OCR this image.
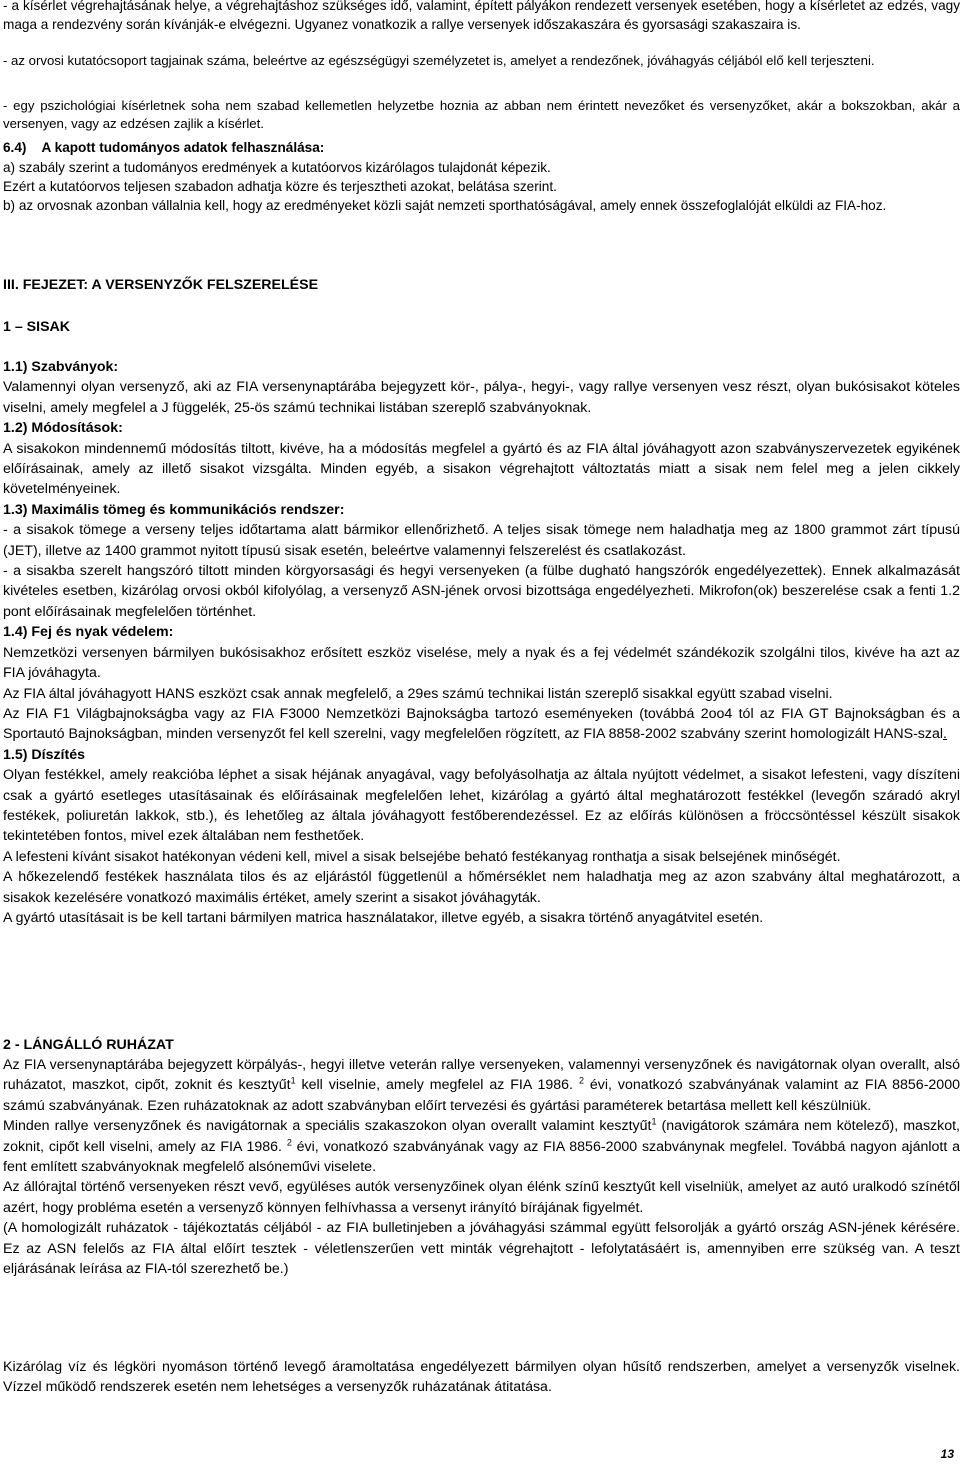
- a kísérlet végrehajtásának helye, a végrehajtáshoz szükséges idő, valamint, épített pályákon rendezett versenyek esetében, hogy a kísérletet az edzés, vagy maga a rendezvény során kívánják-e elvégezni. Ugyanez vonatkozik a rallye versenyek időszakaszára és gyorsasági szakaszaira is.
- az orvosi kutatócsoport tagjainak száma, beleértve az egészségügyi személyzetet is, amelyet a rendezőnek, jóváhagyás céljából elő kell terjeszteni.
- egy pszichológiai kísérletnek soha nem szabad kellemetlen helyzetbe hoznia az abban nem érintett nevezőket és versenyzőket, akár a bokszokban, akár a versenyen, vagy az edzésen zajlik a kísérlet.
6.4) A kapott tudományos adatok felhasználása:
a) szabály szerint a tudományos eredmények a kutatóorvos kizárólagos tulajdonát képezik.
Ezért a kutatóorvos teljesen szabadon adhatja közre és terjesztheti azokat, belátása szerint.
b) az orvosnak azonban vállalnia kell, hogy az eredményeket közli saját nemzeti sporthatóságával, amely ennek összefoglalóját elküldi az FIA-hoz.
III. FEJEZET: A VERSENYZŐK FELSZERELÉSE
1 – SISAK

1.1) Szabványok:

Valamennyi olyan versenyző, aki az FIA versenynaptárába bejegyzett kör-, pálya-, hegyi-, vagy rallye versenyen vesz részt, olyan bukósisakot köteles viselni, amely megfelel a J függelék, 25-ös számú technikai listában szereplő szabványoknak.

1.2) Módosítások:

A sisakokon mindennemű módosítás tiltott, kivéve, ha a módosítás megfelel a gyártó és az FIA által jóváhagyott azon szabványszervezetek egyikének előírásainak, amely az illető sisakot vizsgálta. Minden egyéb, a sisakon végrehajtott változtatás miatt a sisak nem felel meg a jelen cikkely követelményeinek.

1.3) Maximális tömeg és kommunikációs rendszer:

- a sisakok tömege a verseny teljes időtartama alatt bármikor ellenőrizhető. A teljes sisak tömege nem haladhatja meg az 1800 grammot zárt típusú (JET), illetve az 1400 grammot nyitott típusú sisak esetén, beleértve valamennyi felszerelést és csatlakozást.

- a sisakba szerelt hangszóró tiltott minden körgyorsasági és hegyi versenyeken (a fülbe dugható hangszórók engedélyezettek). Ennek alkalmazását kivételes esetben, kizárólag orvosi okból kifolyólag, a versenyző ASN-jének orvosi bizottsága engedélyezheti. Mikrofon(ok) beszerelése csak a fenti 1.2 pont előírásainak megfelelően történhet.

1.4) Fej és nyak védelem:

Nemzetközi versenyen bármilyen bukósisakhoz erősített eszköz viselése, mely a nyak és a fej védelmét szándékozik szolgálni tilos, kivéve ha azt az FIA jóváhagyta.

Az FIA által jóváhagyott HANS eszközt csak annak megfelelő, a 29es számú technikai listán szereplő sisakkal együtt szabad viselni.

Az FIA F1 Világbajnokságba vagy az FIA F3000 Nemzetközi Bajnokságba tartozó eseményeken (továbbá 2oo4 tól az FIA GT Bajnokságban és a Sportautó Bajnokságban, minden versenyzőt fel kell szerelni, vagy megfelelően rögzített, az FIA 8858-2002 szabvány szerint homologizált HANS-szal.

1.5) Díszítés

Olyan festékkel, amely reakcióba léphet a sisak héjának anyagával, vagy befolyásolhatja az általa nyújtott védelmet, a sisakot lefesteni, vagy díszíteni csak a gyártó esetleges utasításainak és előírásainak megfelelően lehet, kizárólag a gyártó által meghatározott festékkel (levegőn száradó akryl festékek, poliuretán lakkok, stb.), és lehetőleg az általa jóváhagyott festőberendezéssel. Ez az előírás különösen a fröccsöntéssel készült sisakok tekintetében fontos, mivel ezek általában nem festhetőek.

A lefesteni kívánt sisakot hatékonyan védeni kell, mivel a sisak belsejébe beható festékanyag ronthatja a sisak belsejének minőségét.

A hőkezelendő festékek használata tilos és az eljárástól függetlenül a hőmérséklet nem haladhatja meg az azon szabvány által meghatározott, a sisakok kezelésére vonatkozó maximális értéket, amely szerint a sisakot jóváhagyták.

A gyártó utasításait is be kell tartani bármilyen matrica használatakor, illetve egyéb, a sisakra történő anyagátvitel esetén.

2 - LÁNGÁLLÓ RUHÁZAT

Az FIA versenynaptárába bejegyzett körpályás-, hegyi illetve veterán rallye versenyeken, valamennyi versenyzőnek és navigátornak olyan overallt, alsó ruházatot, maszkot, cipőt, zoknit és kesztyűt$^1$ kell viselnie, amely megfelel az FIA 1986. $^2$ évi, vonatkozó szabványának valamint az FIA 8856-2000 számú szabványának. Ezen ruházatoknak az adott szabványban előírt tervezési és gyártási paraméterek betartása mellett kell készülniük.

Minden rallye versenyzőnek és navigátornak a speciális szakaszokon olyan overallt valamint kesztyűt$^1$ (navigátorok számára nem kötelező), maszkot, zoknit, cipőt kell viselni, amely az FIA 1986. $^2$ évi, vonatkozó szabványának vagy az FIA 8856-2000 szabványnak megfelel. Továbbá nagyon ajánlott a fent említett szabványoknak megfelelő alsóneművi viselete.

Az állórajtal történő versenyeken részt vevő, együléses autók versenyzőinek olyan élénk színű kesztyűt kell viselniük, amelyet az autó uralkodó színétől azért, hogy probléma esetén a versenyző könnyen felhívhassa a versenyt irányító bírájának figyelmét.

(A homologizált ruházatok - tájékoztatás céljából - az FIA bulletinjeben a jóváhagyási számmal együtt felsorolják a gyártó ország ASN-jének kérésére. Ez az ASN felelős az FIA által előírt tesztek - véletlenszerűen vett minták végrehajtott - lefolytatásáért is, amennyiben erre szükség van. A teszt eljárásának leírása az FIA-tól szerezhető be.)

Kizárólag víz és légköri nyomáson történő levegő áramoltatása engedélyezett bármilyen olyan hűsítő rendszerben, amelyet a versenyzők viselnek. Vízzel működő rendszerek esetén nem lehetséges a versenyzők ruházatának átitatása.
13
